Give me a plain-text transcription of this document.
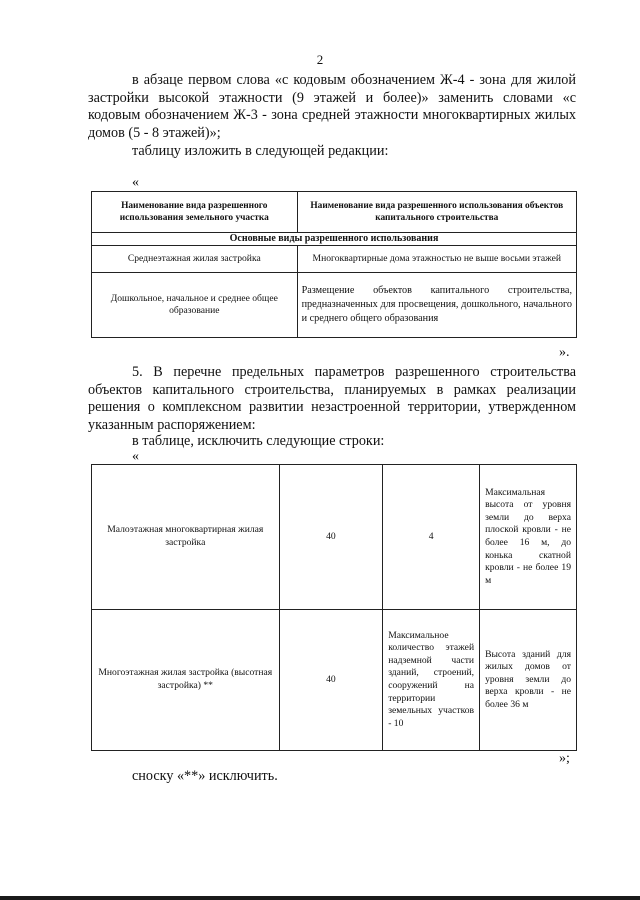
2
в абзаце первом слова «с кодовым обозначением Ж-4 - зона для жилой застройки высокой этажности (9 этажей и более)» заменить словами «с кодовым обозначением Ж-3 - зона средней этажности многоквартирных жилых домов (5 - 8 этажей)»;
таблицу изложить в следующей редакции:
«
Наименование вида разрешенного использования земельного участка	Наименование вида разрешенного использования объектов капитального строительства
Основные виды разрешенного использования	
Среднеэтажная жилая застройка	Многоквартирные дома этажностью не выше восьми этажей
Дошкольное, начальное и среднее общее образование	Размещение объектов капитального строительства, предназначенных для просвещения, дошкольного, начального и среднего общего образования
».
5. В перечне предельных параметров разрешенного строительства объектов капитального строительства, планируемых в рамках реализации решения о комплексном развитии незастроенной территории, утвержденном указанным распоряжением:
в таблице, исключить следующие строки:
«
Малоэтажная многоквартирная жилая застройка	40	4	Максимальная высота от уровня земли до верха плоской кровли - не более 16 м, до конька скатной кровли - не более 19 м
Многоэтажная жилая застройка (высотная застройка) **	40	Максимальное количество этажей надземной части зданий, строений, сооружений на территории земельных участков - 10	Высота зданий для жилых домов от уровня земли до верха кровли - не более 36 м
»;
сноску «**» исключить.
